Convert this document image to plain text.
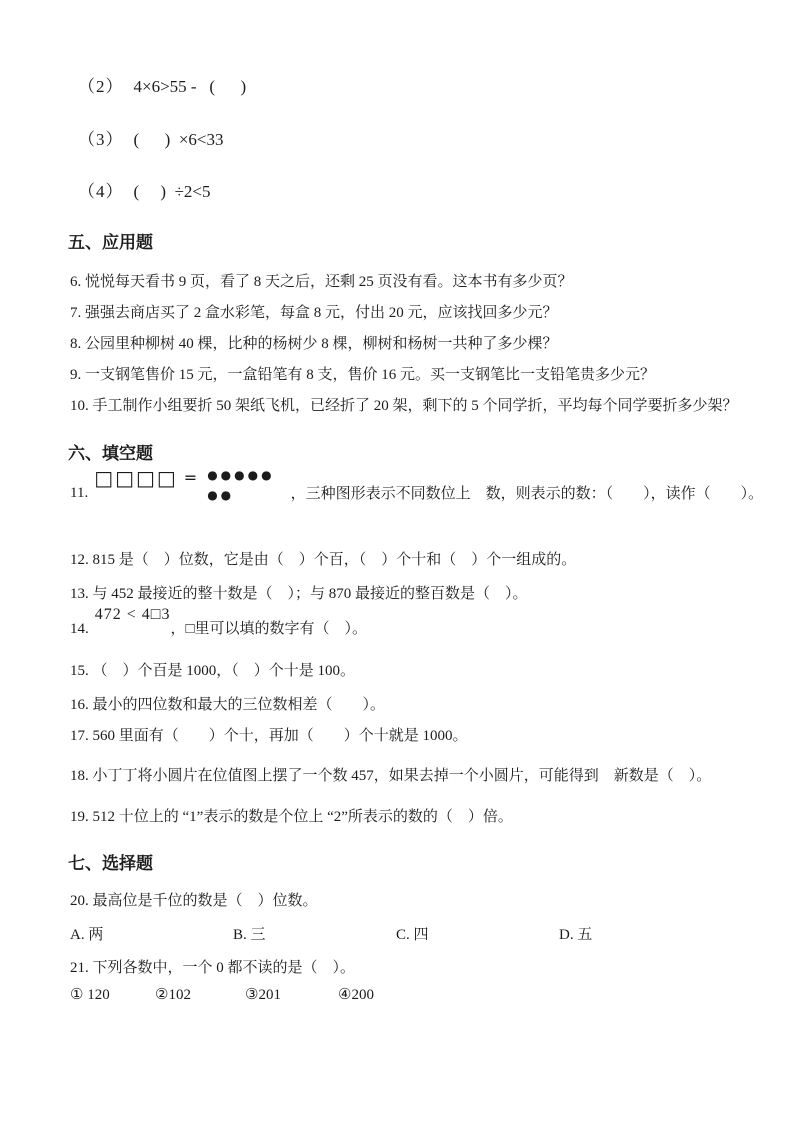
（2） 4×6>55 -   (      )
（3） (      )  ×6<33
（4） (     )  ÷2<5
五、应用题
6. 悦悦每天看书 9 页，看了 8 天之后，还剩 25 页没有看。这本书有多少页？
7. 强强去商店买了 2 盒水彩笔，每盒 8 元，付出 20 元，应该找回多少元？
8. 公园里种柳树 40 棵，比种的杨树少 8 棵，柳树和杨树一共种了多少棵？
9. 一支钢笔售价 15 元，一盒铅笔有 8 支，售价 16 元。买一支钢笔比一支铅笔贵多少元？
10. 手工制作小组要折 50 架纸飞机，已经折了 20 架，剩下的 5 个同学折，平均每个同学要折多少架？
六、填空题
11.
□□□□ = ●●●●●
●●	，三种图形表示不同数位上　数，则表示的数：（　　），读作（　　）。
12. 815 是（　）位数，它是由（　）个百，（　）个十和（　）个一组成的。
13. 与 452 最接近的整十数是（　）；与 870 最接近的整百数是（　）。
14.
472 < 4□3
，□里可以填的数字有（　）。
15. （　）个百是 1000，（　）个十是 100。
16. 最小的四位数和最大的三位数相差（　　）。
17. 560 里面有（　　）个十，再加（　　）个十就是 1000。
18. 小丁丁将小圆片在位值图上摆了一个数 457，如果去掉一个小圆片，可能得到　新数是（　）。
19. 512 十位上的 “1”表示的数是个位上 “2”所表示的数的（　）倍。
七、选择题
20. 最高位是千位的数是（　）位数。
A. 两	B. 三	C. 四	D. 五
21. 下列各数中，一个 0 都不读的是（　）。
① 120	②102	③201	④200
